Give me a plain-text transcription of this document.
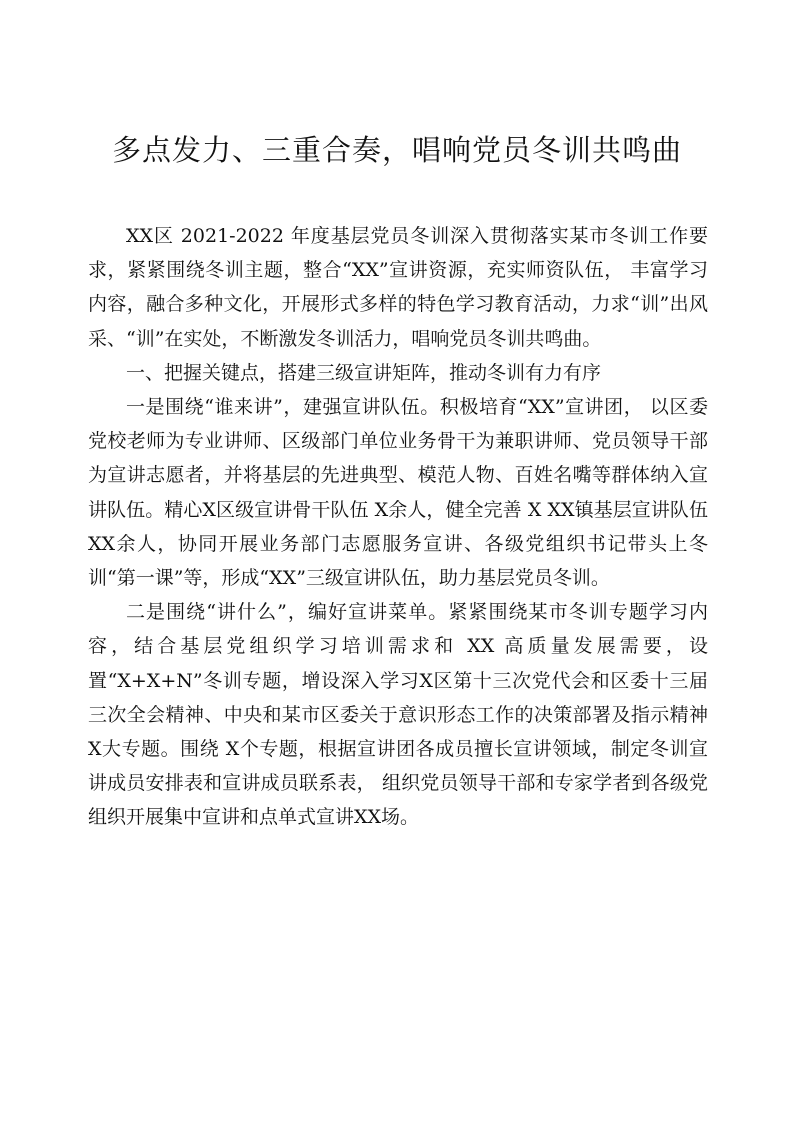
多点发力、三重合奏，唱响党员冬训共鸣曲

XX区 2021-2022 年度基层党员冬训深入贯彻落实某市冬训工作要求，紧紧围绕冬训主题，整合“XX”宣讲资源，充实师资队伍， 丰富学习内容，融合多种文化，开展形式多样的特色学习教育活动，力求“训”出风采、“训”在实处，不断激发冬训活力，唱响党员冬训共鸣曲。

一、把握关键点，搭建三级宣讲矩阵，推动冬训有力有序

一是围绕“谁来讲”，建强宣讲队伍。积极培育“XX”宣讲团， 以区委党校老师为专业讲师、区级部门单位业务骨干为兼职讲师、党员领导干部为宣讲志愿者，并将基层的先进典型、模范人物、百姓名嘴等群体纳入宣讲队伍。精心X区级宣讲骨干队伍 X余人，健全完善 X XX镇基层宣讲队伍 XX余人，协同开展业务部门志愿服务宣讲、各级党组织书记带头上冬训“第一课”等，形成“XX”三级宣讲队伍，助力基层党员冬训。

二是围绕“讲什么”，编好宣讲菜单。紧紧围绕某市冬训专题学习内容，结合基层党组织学习培训需求和 XX 高质量发展需要，设置“X+X+N”冬训专题，增设深入学习X区第十三次党代会和区委十三届三次全会精神、中央和某市区委关于意识形态工作的决策部署及指示精神 X大专题。围绕 X个专题，根据宣讲团各成员擅长宣讲领域，制定冬训宣讲成员安排表和宣讲成员联系表， 组织党员领导干部和专家学者到各级党组织开展集中宣讲和点单式宣讲XX场。
